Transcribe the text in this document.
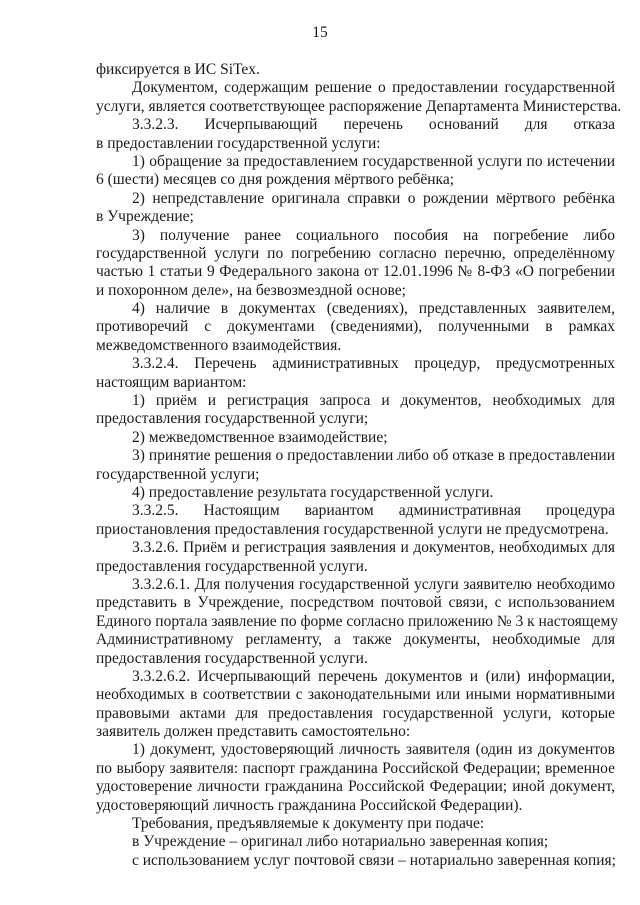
15
фиксируется в ИС SiTex.
Документом, содержащим решение о предоставлении государственной
услуги, является соответствующее распоряжение Департамента Министерства.
3.3.2.3. Исчерпывающий перечень оснований для отказа
в предоставлении государственной услуги:
1) обращение за предоставлением государственной услуги по истечении
6 (шести) месяцев со дня рождения мёртвого ребёнка;
2) непредставление оригинала справки о рождении мёртвого ребёнка
в Учреждение;
3) получение ранее социального пособия на погребение либо
государственной услуги по погребению согласно перечню, определённому
частью 1 статьи 9 Федерального закона от 12.01.1996 № 8-ФЗ «О погребении
и похоронном деле», на безвозмездной основе;
4) наличие в документах (сведениях), представленных заявителем,
противоречий с документами (сведениями), полученными в рамках
межведомственного взаимодействия.
3.3.2.4. Перечень административных процедур, предусмотренных
настоящим вариантом:
1) приём и регистрация запроса и документов, необходимых для
предоставления государственной услуги;
2) межведомственное взаимодействие;
3) принятие решения о предоставлении либо об отказе в предоставлении
государственной услуги;
4) предоставление результата государственной услуги.
3.3.2.5. Настоящим вариантом административная процедура
приостановления предоставления государственной услуги не предусмотрена.
3.3.2.6. Приём и регистрация заявления и документов, необходимых для
предоставления государственной услуги.
3.3.2.6.1. Для получения государственной услуги заявителю необходимо
представить в Учреждение, посредством почтовой связи, с использованием
Единого портала заявление по форме согласно приложению № 3 к настоящему
Административному регламенту, а также документы, необходимые для
предоставления государственной услуги.
3.3.2.6.2. Исчерпывающий перечень документов и (или) информации,
необходимых в соответствии с законодательными или иными нормативными
правовыми актами для предоставления государственной услуги, которые
заявитель должен представить самостоятельно:
1) документ, удостоверяющий личность заявителя (один из документов
по выбору заявителя: паспорт гражданина Российской Федерации; временное
удостоверение личности гражданина Российской Федерации; иной документ,
удостоверяющий личность гражданина Российской Федерации).
Требования, предъявляемые к документу при подаче:
в Учреждение – оригинал либо нотариально заверенная копия;
с использованием услуг почтовой связи – нотариально заверенная копия;
